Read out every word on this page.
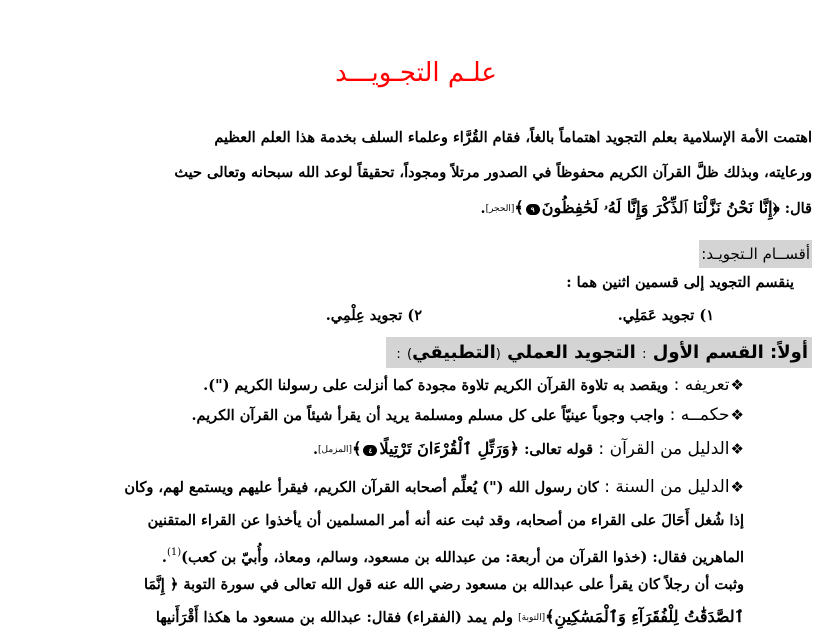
علـم التجـويـــد
اهتمت الأمة الإسلامية بعلم التجويد اهتماماً بالغاً، فقام القُرَّاء وعلماء السلف بخدمة هذا العلم العظيم
ورعايته، وبذلك ظلَّ القرآن الكريم محفوظاً في الصدور مرتلاً ومجوداً، تحقيقاً لوعد الله سبحانه وتعالى حيث
قال: ﴿إِنَّا نَحْنُ نَزَّلْنَا ٱلذِّكْرَ وَإِنَّا لَهُۥ لَحَٰفِظُونَ٩﴾[الحجر].
أقســام الـتجويـد:
ينقسم التجويد إلى قسمين اثنين هما :
١) تجويد عَمَلِي.
٢) تجويد عِلْمِي.
أولاً: القسم الأول : التجويد العملي (التطبيقي) :
❖تعريفه : ويقصد به تلاوة القرآن الكريم تلاوة مجودة كما أنزلت على رسولنا الكريم (").
❖حكمــه : واجب وجوباً عينيّاً على كل مسلم ومسلمة يريد أن يقرأ شيئاً من القرآن الكريم.
❖الدليل من القرآن : قوله تعالى: ﴿وَرَتِّلِ ٱلْقُرْءَانَ تَرْتِيلًا٤﴾[المزمل].
❖الدليل من السنة : كان رسول الله (") يُعلِّم أصحابه القرآن الكريم، فيقرأ عليهم ويستمع لهم، وكان
إذا شُغل أَحَالَ على القراء من أصحابه، وقد ثبت عنه أنه أمر المسلمين أن يأخذوا عن القراء المتقنين
الماهرين فقال: (خذوا القرآن من أربعة: من عبدالله بن مسعود، وسالم، ومعاذ، وأُبيّ بن كعب)$^{(1)}$.
وثبت أن رجلاً كان يقرأ على عبدالله بن مسعود رضي الله عنه قول الله تعالى في سورة التوبة ﴿ إِنَّمَا
ٱلصَّدَقَٰتُ لِلْفُقَرَآءِ وَٱلْمَسَٰكِينِ﴾[التوبة] ولم يمد (الفقراء) فقال: عبدالله بن مسعود ما هكذا أَقْرَأَنيها
